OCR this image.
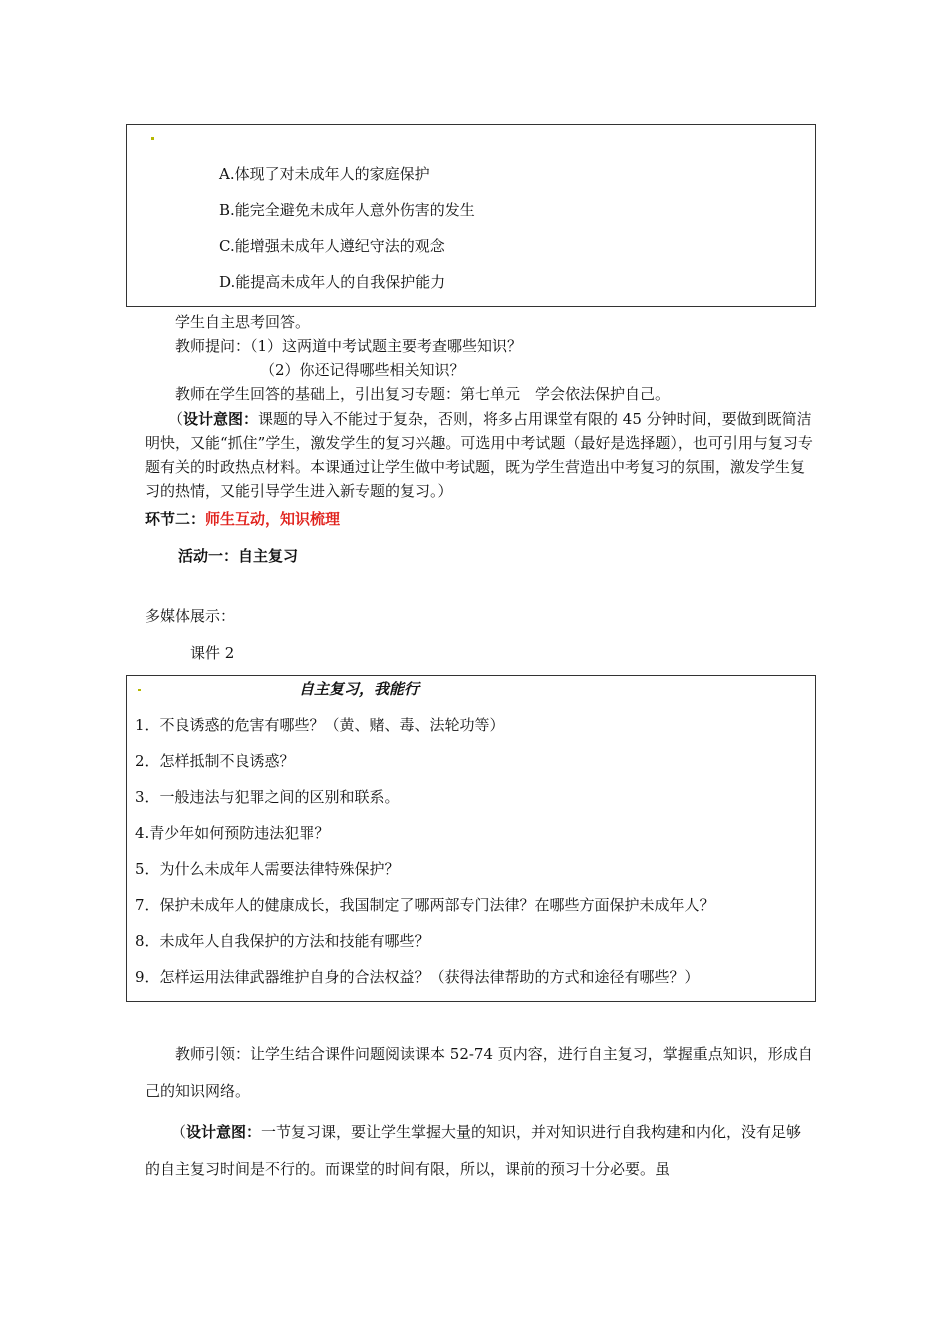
A.体现了对未成年人的家庭保护
B.能完全避免未成年人意外伤害的发生
C.能增强未成年人遵纪守法的观念
D.能提高未成年人的自我保护能力
学生自主思考回答。
教师提问：（1）这两道中考试题主要考查哪些知识？
（2）你还记得哪些相关知识？
教师在学生回答的基础上，引出复习专题：第七单元　学会依法保护自己。
（设计意图：课题的导入不能过于复杂，否则，将多占用课堂有限的 45 分钟时间，要做到既简洁明快，又能“抓住”学生，激发学生的复习兴趣。可选用中考试题（最好是选择题），也可引用与复习专题有关的时政热点材料。本课通过让学生做中考试题，既为学生营造出中考复习的氛围，激发学生复习的热情，又能引导学生进入新专题的复习。）
环节二：师生互动，知识梳理
活动一：自主复习
多媒体展示：
课件 2
自主复习，我能行
1．不良诱惑的危害有哪些？（黄、赌、毒、法轮功等）
2．怎样抵制不良诱惑？
3．一般违法与犯罪之间的区别和联系。
4.青少年如何预防违法犯罪？
5．为什么未成年人需要法律特殊保护？
7．保护未成年人的健康成长，我国制定了哪两部专门法律？在哪些方面保护未成年人？
8．未成年人自我保护的方法和技能有哪些？
9．怎样运用法律武器维护自身的合法权益？（获得法律帮助的方式和途径有哪些？）
教师引领：让学生结合课件问题阅读课本 52-74 页内容，进行自主复习，掌握重点知识，形成自己的知识网络。
（设计意图：一节复习课，要让学生掌握大量的知识，并对知识进行自我构建和内化，没有足够的自主复习时间是不行的。而课堂的时间有限，所以，课前的预习十分必要。虽
